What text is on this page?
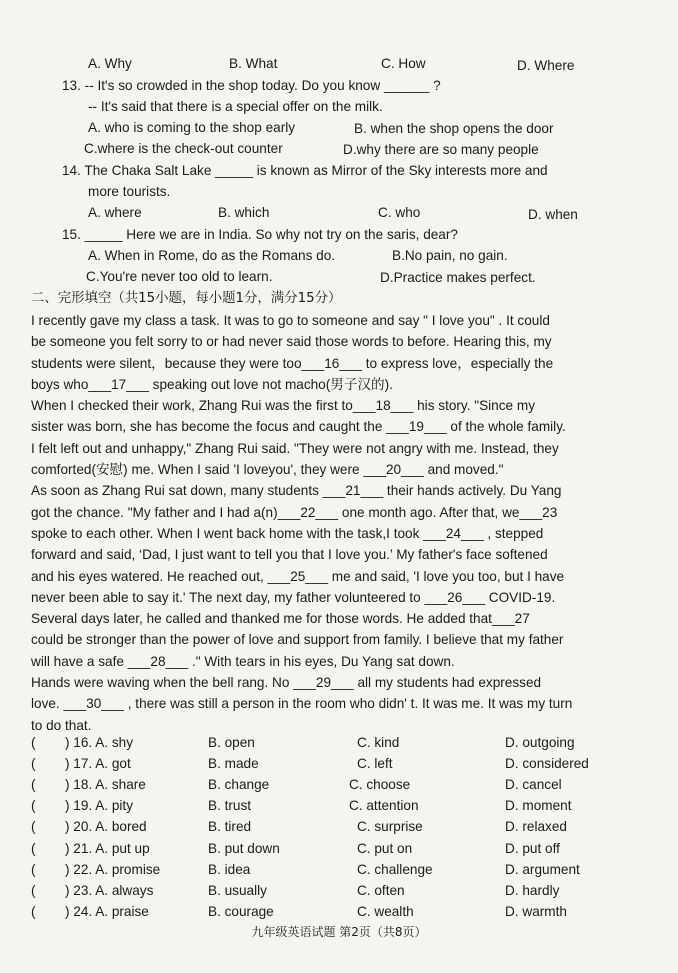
A. Why	B. What	C. How	D. Where
13. -- It's so crowded in the shop today. Do you know ______ ?
-- It's said that there is a special offer on the milk.
A. who is coming to the shop early	B. when the shop opens the door
C.where is the check-out counter	D.why there are so many people
14. The Chaka Salt Lake _____ is known as Mirror of the Sky interests more and
more tourists.
A. where	B. which	C. who	D. when
15. _____ Here we are in India. So why not try on the saris, dear?
A. When in Rome, do as the Romans do.	B.No pain, no gain.
C.You're never too old to learn.	D.Practice makes perfect.
二、完形填空（共15小题，每小题1分，满分15分）
I recently gave my class a task. It was to go to someone and say " I love you" . It could
be someone you felt sorry to or had never said those words to before. Hearing this, my
students were silent，because they were too___16___ to express love，especially the
boys who___17___ speaking out love not macho(男子汉的).
When I checked their work, Zhang Rui was the first to___18___ his story. "Since my
sister was born, she has become the focus and caught the ___19___ of the whole family.
I felt left out and unhappy," Zhang Rui said. "They were not angry with me. Instead, they
comforted(安慰) me. When I said 'I loveyou', they were ___20___ and moved."
As soon as Zhang Rui sat down, many students ___21___ their hands actively. Du Yang
got the chance. "My father and I had a(n)___22___ one month ago. After that, we___23
spoke to each other. When I went back home with the task,I took ___24___ , stepped
forward and said, ‘Dad, I just want to tell you that I love you.’ My father's face softened
and his eyes watered. He reached out, ___25___ me and said, 'I love you too, but I have
never been able to say it.' The next day, my father volunteered to ___26___ COVID-19.
Several days later, he called and thanked me for those words. He added that___27
could be stronger than the power of love and support from family. I believe that my father
will have a safe ___28___ ." With tears in his eyes, Du Yang sat down.
Hands were waving when the bell rang. No ___29___ all my students had expressed
love. ___30___ , there was still a person in the room who didn' t. It was me. It was my turn
to do that.
( ) 16. A. shy	B. open	C. kind	D. outgoing
( ) 17. A. got	B. made	C. left	D. considered
( ) 18. A. share	B. change	C. choose	D. cancel
( ) 19. A. pity	B. trust	C. attention	D. moment
( ) 20. A. bored	B. tired	C. surprise	D. relaxed
( ) 21. A. put up	B. put down	C. put on	D. put off
( ) 22. A. promise	B. idea	C. challenge	D. argument
( ) 23. A. always	B. usually	C. often	D. hardly
( ) 24. A. praise	B. courage	C. wealth	D. warmth
九年级英语试题 第2页（共8页）
